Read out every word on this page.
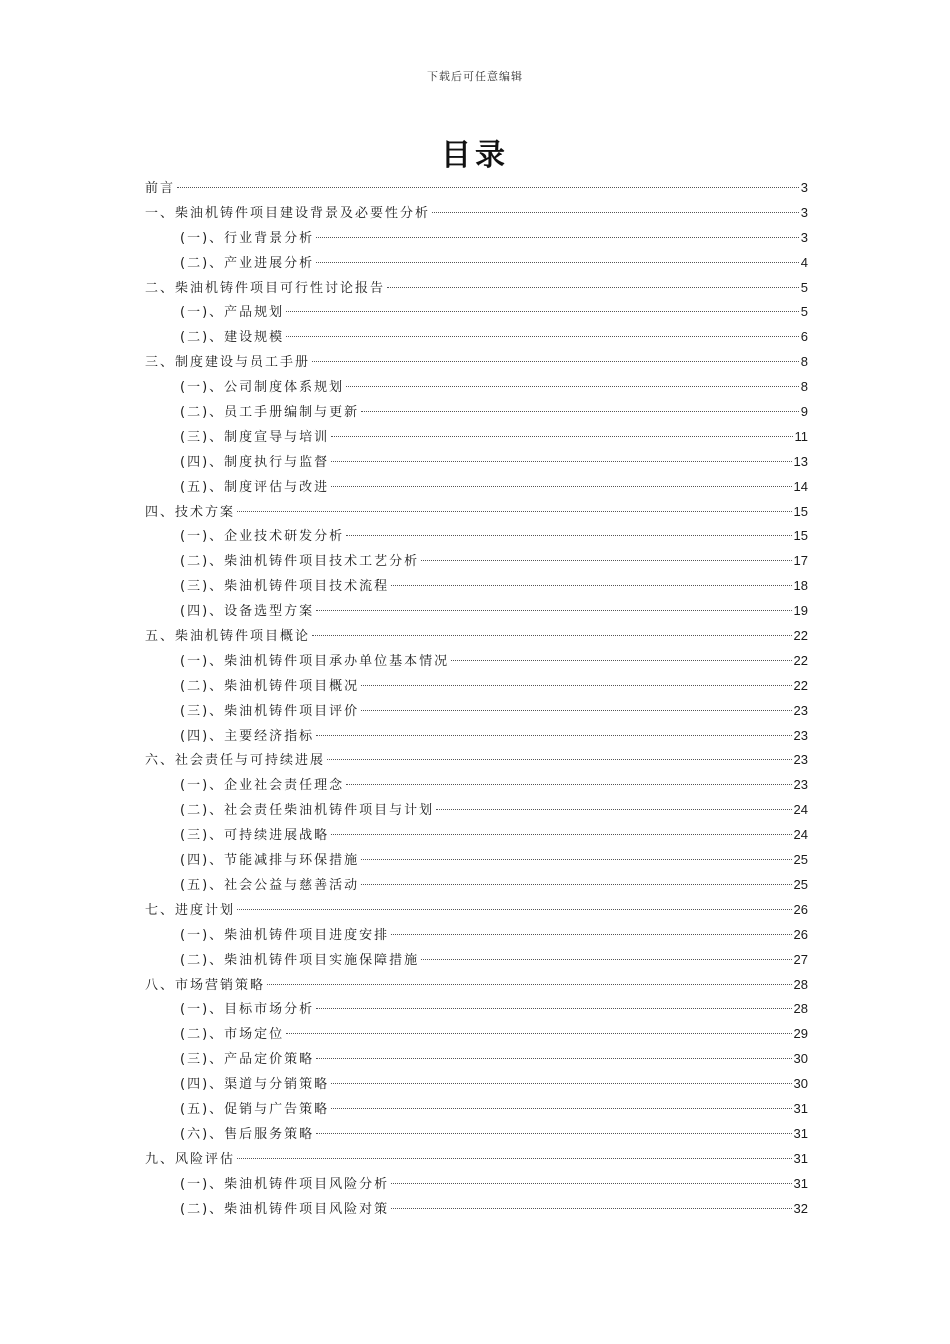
下载后可任意编辑
目录
前言	3
一、柴油机铸件项目建设背景及必要性分析	3
(一)、行业背景分析	3
(二)、产业进展分析	4
二、柴油机铸件项目可行性讨论报告	5
(一)、产品规划	5
(二)、建设规模	6
三、制度建设与员工手册	8
(一)、公司制度体系规划	8
(二)、员工手册编制与更新	9
(三)、制度宣导与培训	11
(四)、制度执行与监督	13
(五)、制度评估与改进	14
四、技术方案	15
(一)、企业技术研发分析	15
(二)、柴油机铸件项目技术工艺分析	17
(三)、柴油机铸件项目技术流程	18
(四)、设备选型方案	19
五、柴油机铸件项目概论	22
(一)、柴油机铸件项目承办单位基本情况	22
(二)、柴油机铸件项目概况	22
(三)、柴油机铸件项目评价	23
(四)、主要经济指标	23
六、社会责任与可持续进展	23
(一)、企业社会责任理念	23
(二)、社会责任柴油机铸件项目与计划	24
(三)、可持续进展战略	24
(四)、节能减排与环保措施	25
(五)、社会公益与慈善活动	25
七、进度计划	26
(一)、柴油机铸件项目进度安排	26
(二)、柴油机铸件项目实施保障措施	27
八、市场营销策略	28
(一)、目标市场分析	28
(二)、市场定位	29
(三)、产品定价策略	30
(四)、渠道与分销策略	30
(五)、促销与广告策略	31
(六)、售后服务策略	31
九、风险评估	31
(一)、柴油机铸件项目风险分析	31
(二)、柴油机铸件项目风险对策	32
